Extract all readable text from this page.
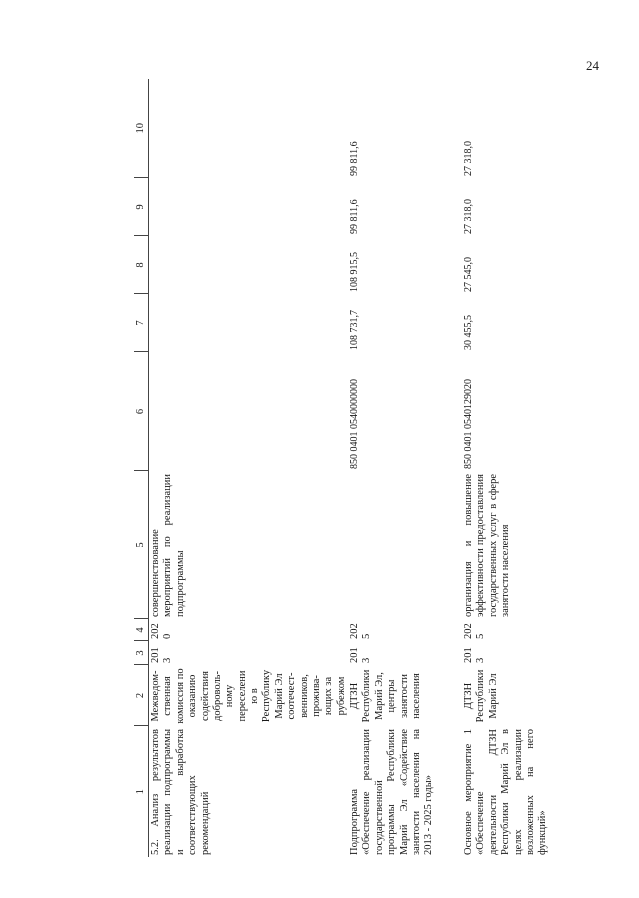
24
1	2	3	4	5	6	7	8	9	10
5.2. Анализ результатов реализации подпрограммы и выработка соответствующих рекомендаций	Межведом-ственная комиссия по оказанию содействия доброволь-ному переселению в Республику Марий Эл соотечест-венников, прожива-ющих за рубежом	2013	2020	совершенствование мероприятий по реализации подпрограммы					
Подпрограмма «Обеспечение реализации государственной программы Республики Марий Эл «Содействие занятости населения на 2013 - 2025 годы»	ДТЗН Республики Марий Эл, центры занятости населения	2013	2025		850 0401 0540000000	108 731,7	108 915,5	99 811,6	99 811,6
Основное мероприятие 1 «Обеспечение деятельности ДТЗН Республики Марий Эл в целях реализации возложенных на него функций»	ДТЗН Республики Марий Эл	2013	2025	организация и повышение эффективности предоставления государственных услуг в сфере занятости населения	850 0401 0540129020	30 455,5	27 545,0	27 318,0	27 318,0
